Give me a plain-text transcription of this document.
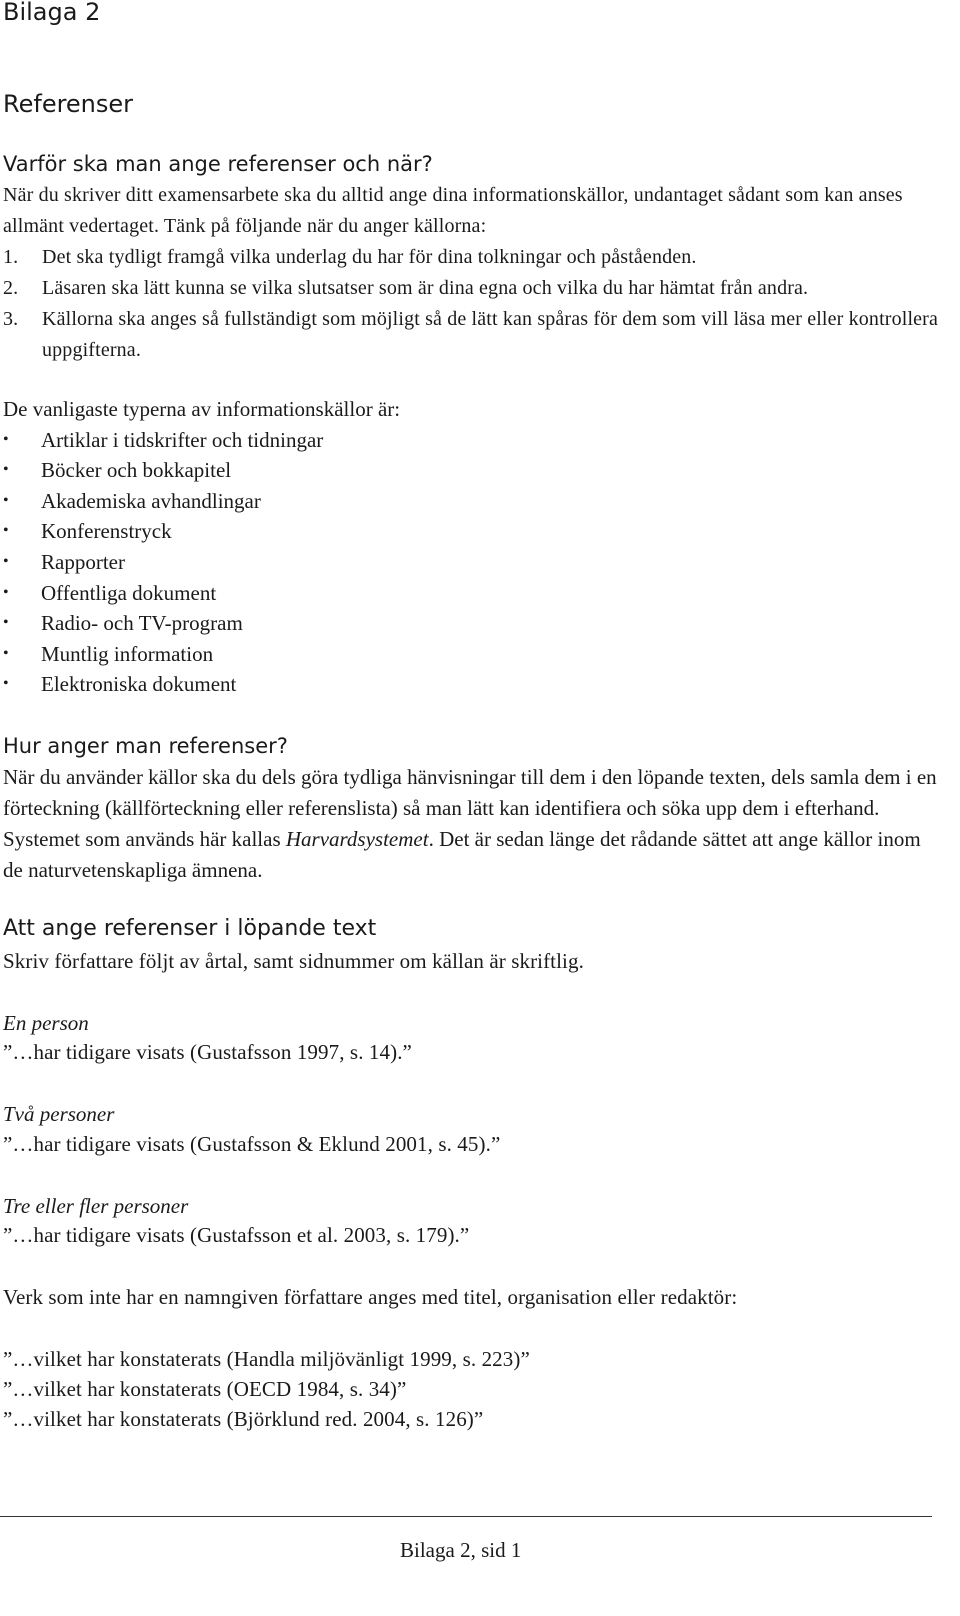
Bilaga 2
Referenser
Varför ska man ange referenser och när?

När du skriver ditt examensarbete ska du alltid ange dina informationskällor, undantaget sådant som kan anses allmänt vedertaget. Tänk på följande när du anger källorna:

1. Det ska tydligt framgå vilka underlag du har för dina tolkningar och påståenden.
2. Läsaren ska lätt kunna se vilka slutsatser som är dina egna och vilka du har hämtat från andra.
3. Källorna ska anges så fullständigt som möjligt så de lätt kan spåras för dem som vill läsa mer eller kontrollera uppgifterna.

De vanligaste typerna av informationskällor är:

• Artiklar i tidskrifter och tidningar
• Böcker och bokkapitel
• Akademiska avhandlingar
• Konferenstryck
• Rapporter
• Offentliga dokument
• Radio- och TV-program
• Muntlig information
• Elektroniska dokument
Hur anger man referenser?

När du använder källor ska du dels göra tydliga hänvisningar till dem i den löpande texten, dels samla dem i en förteckning (källförteckning eller referenslista) så man lätt kan identifiera och söka upp dem i efterhand. Systemet som används här kallas Harvardsystemet. Det är sedan länge det rådande sättet att ange källor inom de naturvetenskapliga ämnena.

Att ange referenser i löpande text

Skriv författare följt av årtal, samt sidnummer om källan är skriftlig.

En person

”…har tidigare visats (Gustafsson 1997, s. 14).”

Två personer

”…har tidigare visats (Gustafsson & Eklund 2001, s. 45).”

Tre eller fler personer

”…har tidigare visats (Gustafsson et al. 2003, s. 179).”

Verk som inte har en namngiven författare anges med titel, organisation eller redaktör:

”…vilket har konstaterats (Handla miljövänligt 1999, s. 223)”

”…vilket har konstaterats (OECD 1984, s. 34)”

”…vilket har konstaterats (Björklund red. 2004, s. 126)”

Bilaga 2, sid 1
